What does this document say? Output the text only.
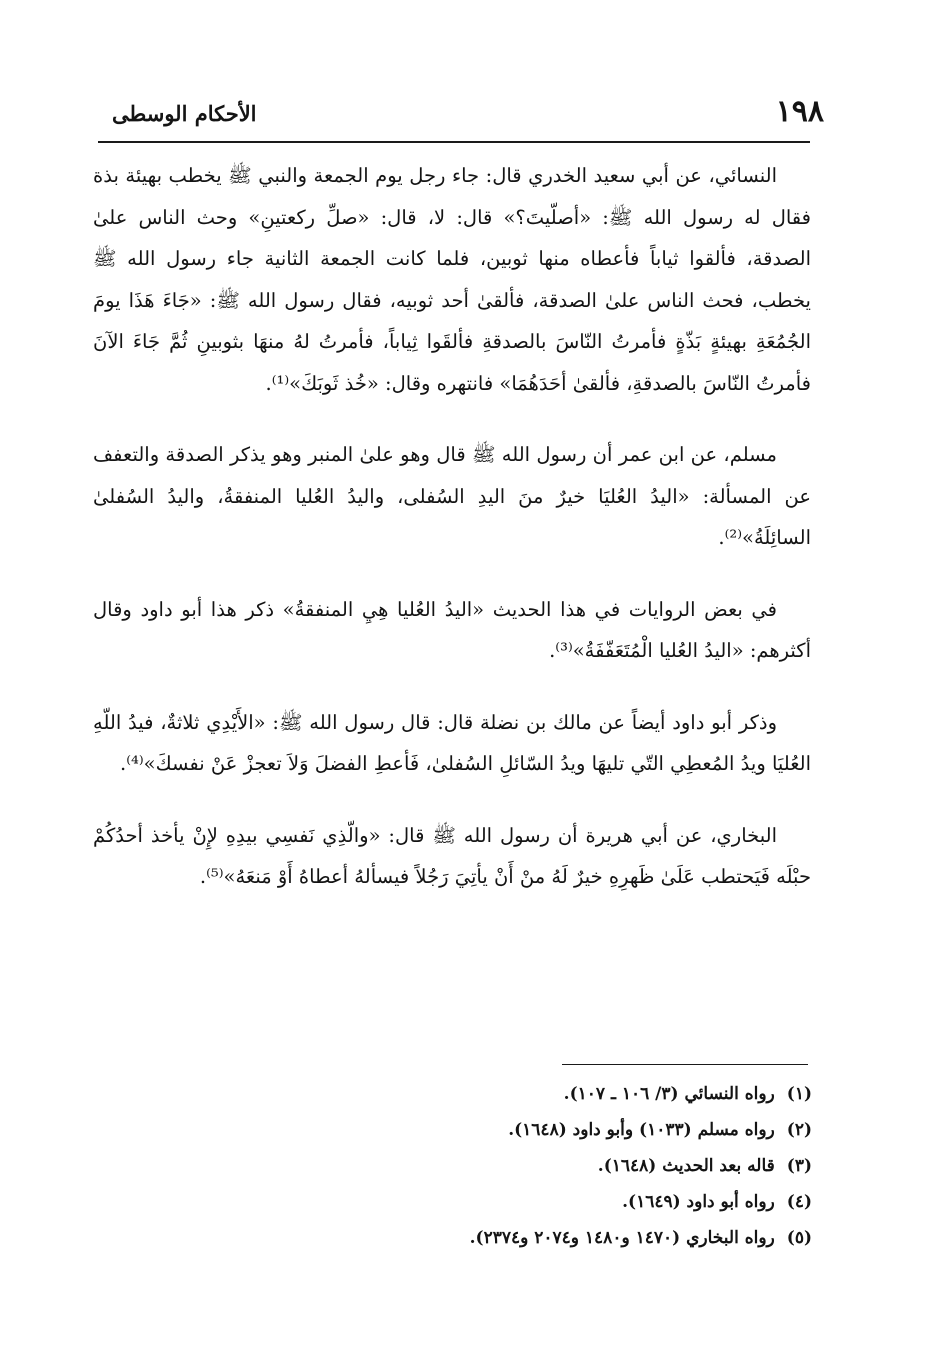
١٩٨
الأحكام الوسطى

النسائي، عن أبي سعيد الخدري قال: جاء رجل يوم الجمعة والنبي ﷺ يخطب بهيئة بذة فقال له رسول الله ﷺ: «أصلّيتَ؟» قال: لا، قال: «صلِّ ركعتينِ» وحث الناس علىٰ الصدقة، فألقوا ثياباً فأعطاه منها ثوبين، فلما كانت الجمعة الثانية جاء رسول الله ﷺ يخطب، فحث الناس علىٰ الصدقة، فألقىٰ أحد ثوبيه، فقال رسول الله ﷺ: «جَاءَ هَذَا يومَ الجُمُعَةِ بهيئةٍ بَذّةٍ فأمرتُ النّاسَ بالصدقةِ فألقَوا ثِياباً، فأمرتُ لهُ منهَا بثوبينِ ثُمَّ جَاءَ الآنَ فأمرتُ النّاسَ بالصدقةِ، فألقىٰ أحَدَهُمَا» فانتهره وقال: «خُذ ثَوبَكَ»⁽¹⁾.

مسلم، عن ابن عمر أن رسول الله ﷺ قال وهو علىٰ المنبر وهو يذكر الصدقة والتعفف عن المسألة: «اليدُ العُليَا خيرٌ منَ اليدِ السُفلى، واليدُ العُليا المنفقةُ، واليدُ السُفلىٰ السائِلَةُ»⁽²⁾.

في بعض الروايات في هذا الحديث «اليدُ العُليا هِيِ المنفقةُ» ذكر هذا أبو داود وقال أكثرهم: «اليدُ العُليا الْمُتَعَفّفَةُ»⁽³⁾.

وذكر أبو داود أيضاً عن مالك بن نضلة قال: قال رسول الله ﷺ: «الأَيْدِي ثلاثةٌ، فيدُ اللّهِ العُليَا ويدُ المُعطِي التّي تليهَا ويدُ السّائلِ السُفلىٰ، فَأعطِ الفضلَ وَلاَ تعجزْ عَنْ نفسكَ»⁽⁴⁾.

البخاري، عن أبي هريرة أن رسول الله ﷺ قال: «والّذِي نَفسِي بيدِهِ لإِنْ يأخذ أحدُكُمْ حبْلَه فَيَحتطب عَلَىٰ ظَهرِهِ خيرٌ لَهُ منْ أَنْ يأتِيَ رَجُلاً فيسألهُ أعطاهُ أَوْ مَنعَهُ»⁽⁵⁾.

(١)
رواه النسائي (٣/ ١٠٦ ـ ١٠٧).
(٢)
رواه مسلم (١٠٣٣) وأبو داود (١٦٤٨).
(٣)
قاله بعد الحديث (١٦٤٨).
(٤)
رواه أبو داود (١٦٤٩).
(٥)
رواه البخاري (١٤٧٠ و١٤٨٠ و٢٠٧٤ و٢٣٧٤).
